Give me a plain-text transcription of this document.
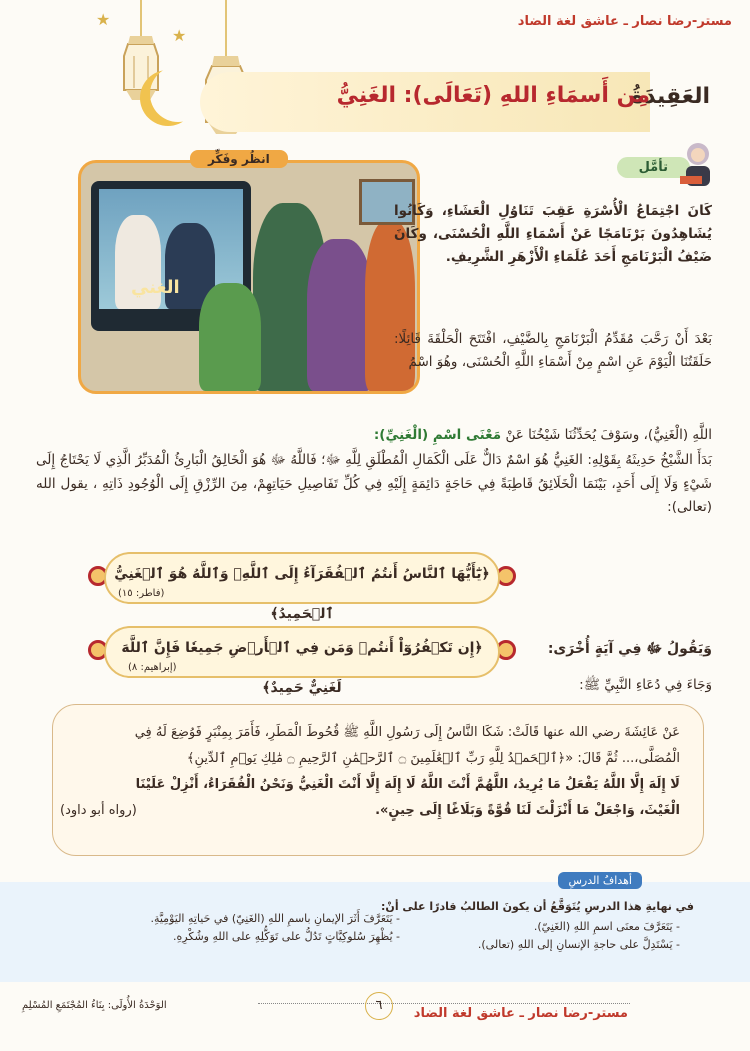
مستر-رضا نصار ـ عاشق لغة الضاد
★
★
العَقِيدَةُ
مِن أَسمَاءِ اللهِ (تَعَالَى): الغَنِيُّ
الغني
انظُر وفَكِّر
تأمَّل
كَانَ اجْتِمَاعُ الْأُسْرَةِ عَقِبَ تَنَاوُلِ الْعَشَاءِ، وَكَانُوا يُشَاهِدُونَ بَرْنَامَجًا عَنْ أَسْمَاءِ اللَّهِ الْحُسْنَى، وكَانَ ضَيْفُ الْبَرْنَامَجِ أَحَدَ عُلَمَاءِ الْأَزْهَرِ الشَّرِيفِ.
بَعْدَ أَنْ رَحَّبَ مُقَدِّمُ الْبَرْنَامَجِ بِالضَّيْفِ، افْتَتَحَ الْحَلْقَةَ قَائِلًا: حَلَقَتُنَا الْيَوْمَ عَنِ اسْمٍ مِنْ أَسْمَاءِ اللَّهِ الْحُسْنَى، وهُوَ اسْمُ
اللَّهِ (الْغَنِيُّ)، وسَوْفَ يُحَدِّثُنَا شَيْخُنَا عَنْ مَعْنَى اسْمِ (الْغَنِيِّ):
بَدَأَ الشَّيْخُ حَدِيثَهُ بِقَوْلِهِ: الغَنِيُّ هُوَ اسْمٌ دَالٌّ عَلَى الْكَمَالِ الْمُطْلَقِ لِلَّهِ ﷻ؛ فَاللَّهُ ﷻ هُوَ الْخَالِقُ الْبَارِئُ الْمُدَبِّرُ الَّذِي لَا يَحْتَاجُ إِلَى شَيْءٍ وَلَا إِلَى أَحَدٍ، بَيْنَمَا الْخَلَائِقُ قَاطِبَةً فِي حَاجَةٍ دَائِمَةٍ إِلَيْهِ فِي كُلِّ تَفَاصِيلِ حَيَاتِهِمْ، مِنَ الرِّزْقِ إِلَى الْوُجُودِ ذَاتِهِ ، يقول الله (تعالى):
﴿يَٰٓأَيُّهَا ٱلنَّاسُ أَنتُمُ ٱلۡفُقَرَآءُ إِلَى ٱللَّهِۖ وَٱللَّهُ هُوَ ٱلۡغَنِيُّ ٱلۡحَمِيدُ﴾
(فاطر: ١٥)
وَيَقُولُ ﷻ فِي آيَةٍ أُخْرَى:
﴿إِن تَكۡفُرُوٓاْ أَنتُمۡ وَمَن فِي ٱلۡأَرۡضِ جَمِيعٗا فَإِنَّ ٱللَّهَ لَغَنِيٌّ حَمِيدٌ﴾
(إبراهيم: ٨)
وَجَاءَ فِي دُعَاءِ النَّبِيِّ ﷺ:
عَنْ عَائِشَةَ رضي الله عنها قَالَتْ: شَكَا النَّاسُ إِلَى رَسُولِ اللَّهِ ﷺ قُحُوطَ الْمَطَرِ، فَأَمَرَ بِمِنْبَرٍ فَوُضِعَ لَهُ فِي
الْمُصَلَّى،... ثُمَّ قَالَ: «﴿ٱلۡحَمۡدُ لِلَّهِ رَبِّ ٱلۡعَٰلَمِينَ ۝ ٱلرَّحۡمَٰنِ ٱلرَّحِيمِ ۝ مَٰلِكِ يَوۡمِ ٱلدِّينِ﴾
لَا إِلَهَ إِلَّا اللَّهُ يَفْعَلُ مَا يُرِيدُ، اللَّهُمَّ أَنْتَ اللَّهُ لَا إِلَهَ إِلَّا أَنْتَ الْغَنِيُّ وَنَحْنُ الْفُقَرَاءُ، أَنْزِلْ عَلَيْنَا
الْغَيْثَ، وَاجْعَلْ مَا أَنْزَلْتَ لَنَا قُوَّةً وَبَلَاغًا إِلَى حِينٍ».
(رواه أبو داود)
أهدافُ الدرسِ
في نهايةِ هذا الدرسِ يُتَوَقَّعُ أن يكونَ الطالبُ قادرًا على أنْ:
- يَتَعَرَّفَ معنَى اسمِ اللهِ (الغَنِيّ).
- يَسْتَدِلَّ على حاجةِ الإنسانِ إلى اللهِ (تعالى).
- يَتَعَرَّفَ أَثَرَ الإيمانِ باسمِ اللهِ (الغَنِيّ) في حَياتِهِ اليَوْمِيَّةِ.
- يُظْهِرَ سُلوكِيَّاتٍ تَدُلُّ على تَوَكُّلِهِ على اللهِ وشُكْرِهِ.
٦
مستر-رضا نصار ـ عاشق لغة الضاد
الوَحْدَةُ الأُولَى: بِنَاءُ المُجْتَمَعِ المُسْلِمِ
